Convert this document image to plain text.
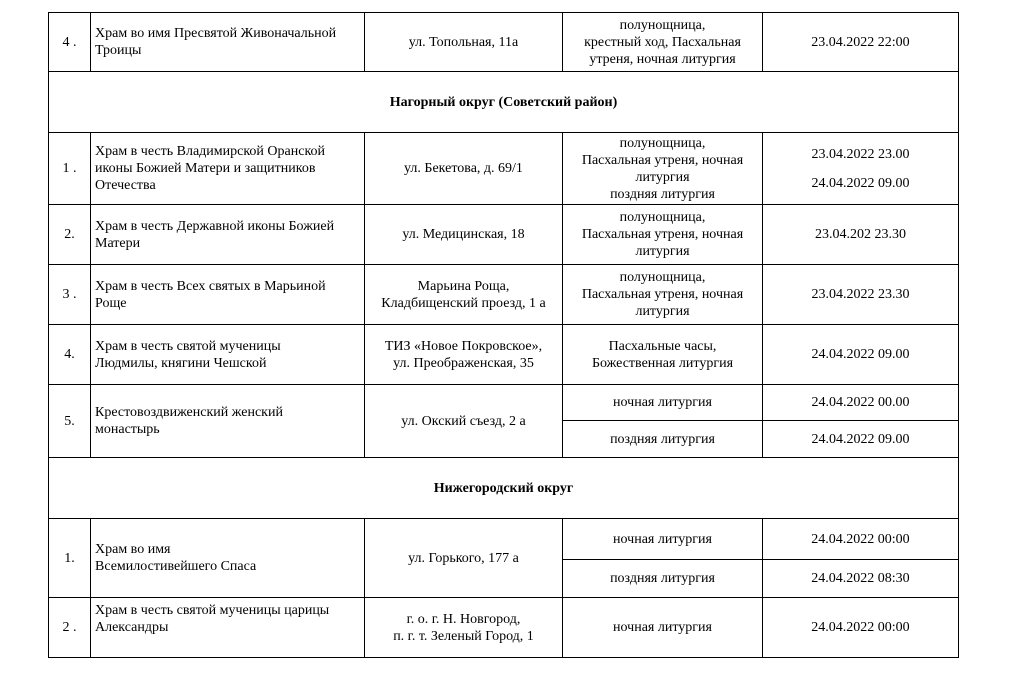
4 .	Храм во имя Пресвятой Живоначальной
Троицы	ул. Топольная, 11а	полунощница,
крестный ход, Пасхальная
утреня, ночная литургия	23.04.2022 22:00
Нагорный округ (Советский район)				
1 .	Храм в честь Владимирской Оранской
иконы Божией Матери и защитников
Отечества	ул. Бекетова, д. 69/1	полунощница,
Пасхальная утреня, ночная
литургия
поздняя литургия	23.04.2022 23.00
24.04.2022 09.00

2.	Храм в честь Державной иконы Божией
Матери	ул. Медицинская, 18	полунощница,
Пасхальная утреня, ночная
литургия	23.04.202 23.30
3 .	Храм в честь Всех святых в Марьиной
Роще	Марьина Роща,
Кладбищенский проезд, 1 а	полунощница,
Пасхальная утреня, ночная
литургия	23.04.2022 23.30
4.	Храм в честь святой мученицы
Людмилы, княгини Чешской	ТИЗ «Новое Покровское»,
ул. Преображенская, 35	Пасхальные часы,
Божественная литургия	24.04.2022 09.00
5.	Крестовоздвиженский женский
монастырь	ул. Окский съезд, 2 а	ночная литургия	24.04.2022 00.00
			поздняя литургия	24.04.2022 09.00
Нижегородский округ				
1.	Храм во имя
Всемилостивейшего Спаса	ул. Горького, 177 а	ночная литургия	24.04.2022 00:00
			поздняя литургия	24.04.2022 08:30
2 .	Храм в честь святой мученицы царицы
Александры	г. о. г. Н. Новгород,
п. г. т. Зеленый Город, 1	ночная литургия	24.04.2022 00:00
